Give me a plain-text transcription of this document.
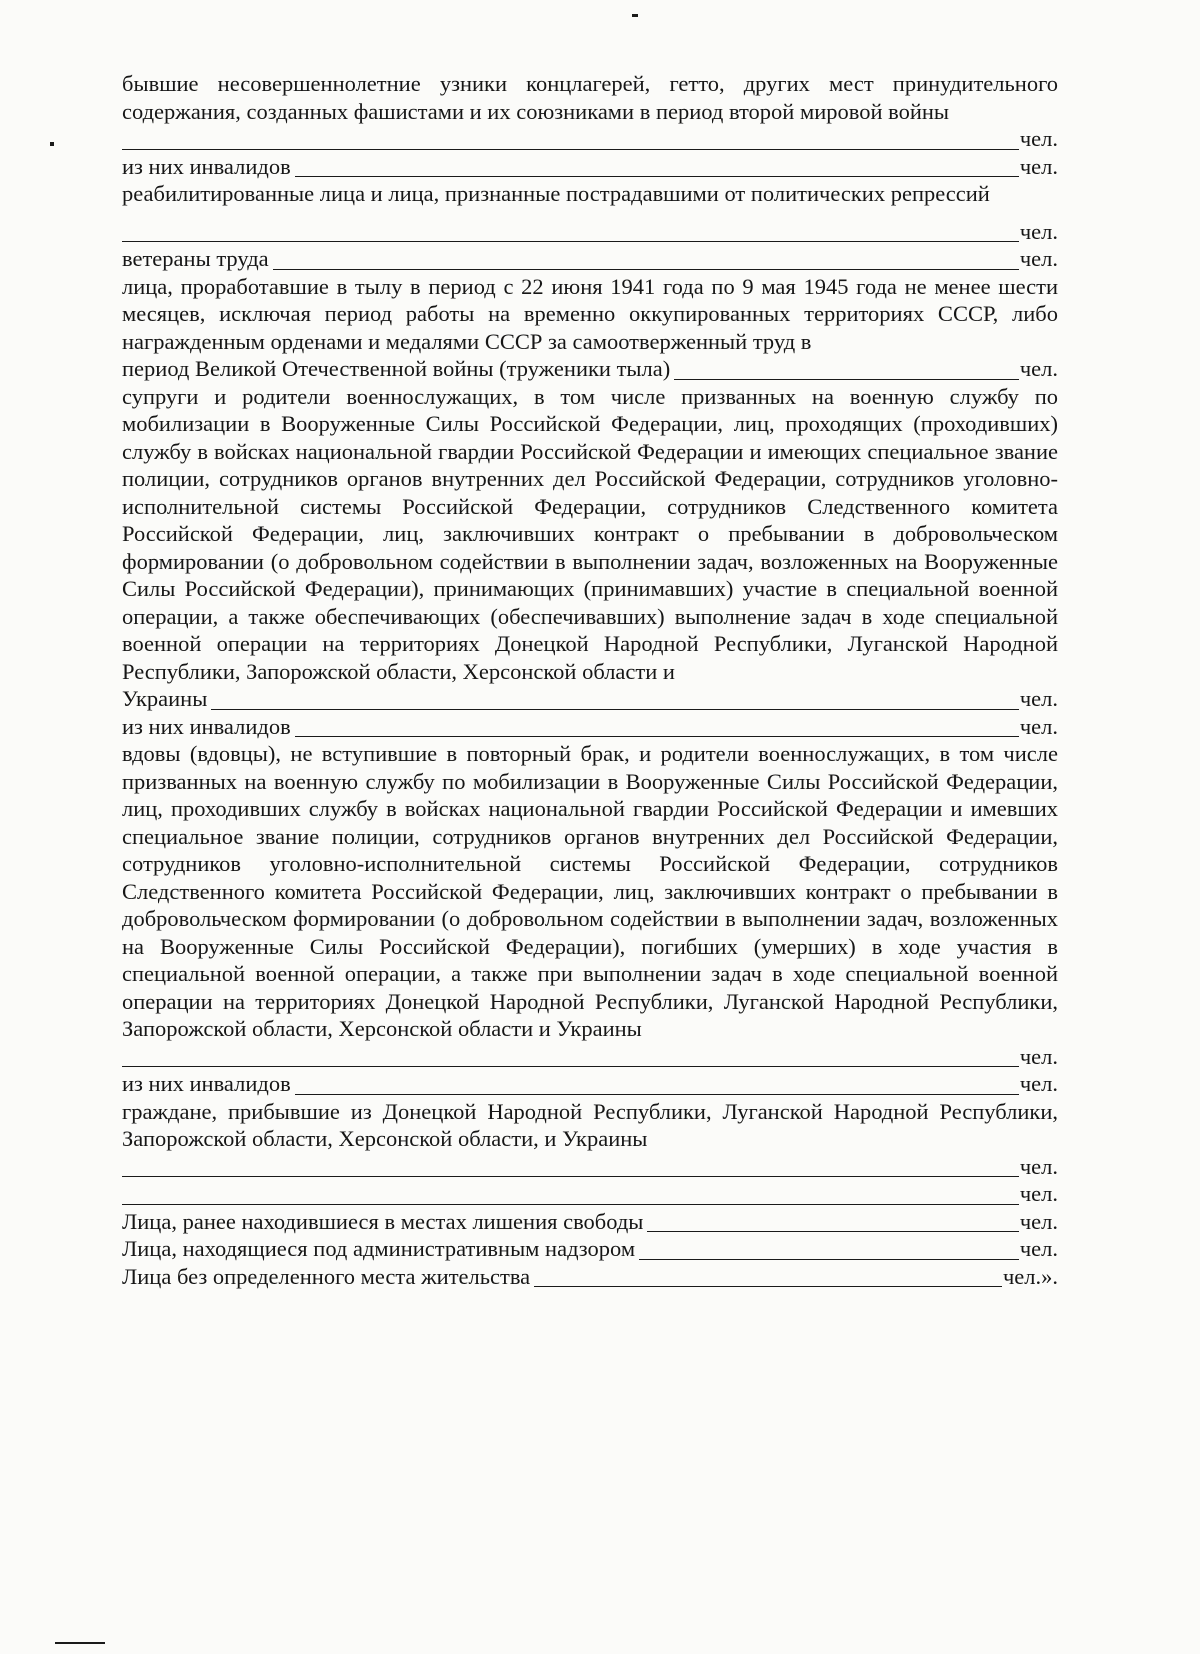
бывшие несовершеннолетние узники концлагерей, гетто, других мест принудительного содержания, созданных фашистами и их союзниками в период второй мировой войны
чел.
из них инвалидов	чел.
реабилитированные лица и лица, признанные пострадавшими от политических репрессий
чел.
ветераны труда	чел.
лица, проработавшие в тылу в период с 22 июня 1941 года по 9 мая 1945 года не менее шести месяцев, исключая период работы на временно оккупированных территориях СССР, либо награжденным орденами и медалями СССР за самоотверженный труд в
период Великой Отечественной войны (труженики тыла)	чел.
супруги и родители военнослужащих, в том числе призванных на военную службу по мобилизации в Вооруженные Силы Российской Федерации, лиц, проходящих (проходивших) службу в войсках национальной гвардии Российской Федерации и имеющих специальное звание полиции, сотрудников органов внутренних дел Российской Федерации, сотрудников уголовно-исполнительной системы Российской Федерации, сотрудников Следственного комитета Российской Федерации, лиц, заключивших контракт о пребывании в добровольческом формировании (о добровольном содействии в выполнении задач, возложенных на Вооруженные Силы Российской Федерации), принимающих (принимавших) участие в специальной военной операции, а также обеспечивающих (обеспечивавших) выполнение задач в ходе специальной военной операции на территориях Донецкой Народной Республики, Луганской Народной Республики, Запорожской области, Херсонской области и
Украины	чел.
из них инвалидов	чел.
вдовы (вдовцы), не вступившие в повторный брак, и родители военнослужащих, в том числе призванных на военную службу по мобилизации в Вооруженные Силы Российской Федерации, лиц, проходивших службу в войсках национальной гвардии Российской Федерации и имевших специальное звание полиции, сотрудников органов внутренних дел Российской Федерации, сотрудников уголовно-исполнительной системы Российской Федерации, сотрудников Следственного комитета Российской Федерации, лиц, заключивших контракт о пребывании в добровольческом формировании (о добровольном содействии в выполнении задач, возложенных на Вооруженные Силы Российской Федерации), погибших (умерших) в ходе участия в специальной военной операции, а также при выполнении задач в ходе специальной военной операции на территориях Донецкой Народной Республики, Луганской Народной Республики, Запорожской области, Херсонской области и Украины
чел.
из них инвалидов	чел.
граждане, прибывшие из Донецкой Народной Республики, Луганской Народной Республики, Запорожской области, Херсонской области, и Украины
чел.
чел.
Лица, ранее находившиеся в местах лишения свободы	чел.
Лица, находящиеся под административным надзором	чел.
Лица без определенного места жительства	чел.».
